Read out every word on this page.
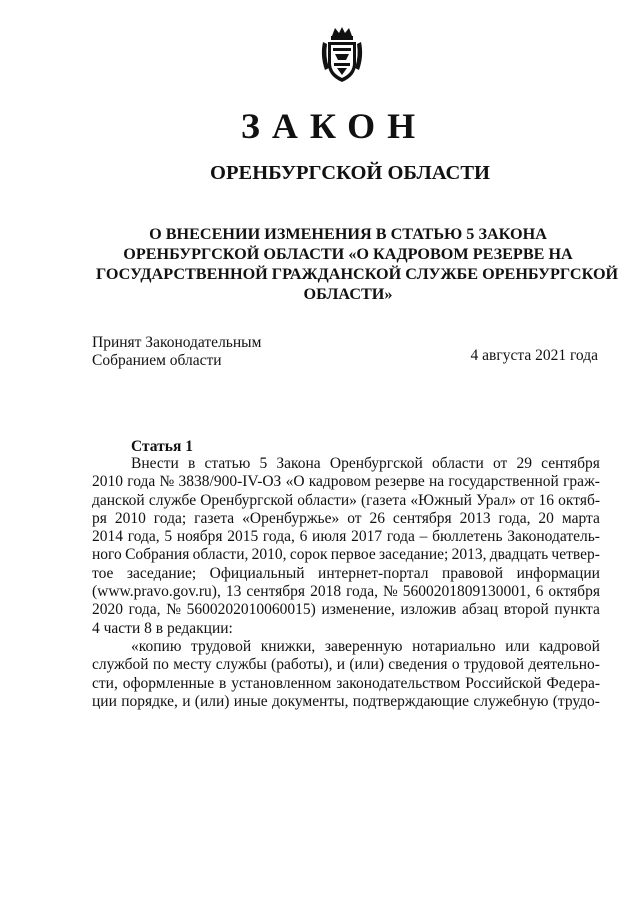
ЗАКОН
ОРЕНБУРГСКОЙ ОБЛАСТИ
О ВНЕСЕНИИ ИЗМЕНЕНИЯ В СТАТЬЮ 5 ЗАКОНА
ОРЕНБУРГСКОЙ ОБЛАСТИ «О КАДРОВОМ РЕЗЕРВЕ НА
ГОСУДАРСТВЕННОЙ ГРАЖДАНСКОЙ СЛУЖБЕ ОРЕНБУРГСКОЙ
ОБЛАСТИ»
Принят Законодательным
Собранием области	4 августа 2021 года
Статья 1
Внести в статью 5 Закона Оренбургской области от 29 сентября
2010 года № 3838/900-IV-ОЗ «О кадровом резерве на государственной граж-
данской службе Оренбургской области» (газета «Южный Урал» от 16 октяб-
ря 2010 года; газета «Оренбуржье» от 26 сентября 2013 года, 20 марта
2014 года, 5 ноября 2015 года, 6 июля 2017 года – бюллетень Законодатель-
ного Собрания области, 2010, сорок первое заседание; 2013, двадцать четвер-
тое заседание; Официальный интернет-портал правовой информации
(www.pravo.gov.ru), 13 сентября 2018 года, № 5600201809130001, 6 октября
2020 года, № 5600202010060015) изменение, изложив абзац второй пункта
4 части 8 в редакции:
«копию трудовой книжки, заверенную нотариально или кадровой
службой по месту службы (работы), и (или) сведения о трудовой деятельно-
сти, оформленные в установленном законодательством Российской Федера-
ции порядке, и (или) иные документы, подтверждающие служебную (трудо-
